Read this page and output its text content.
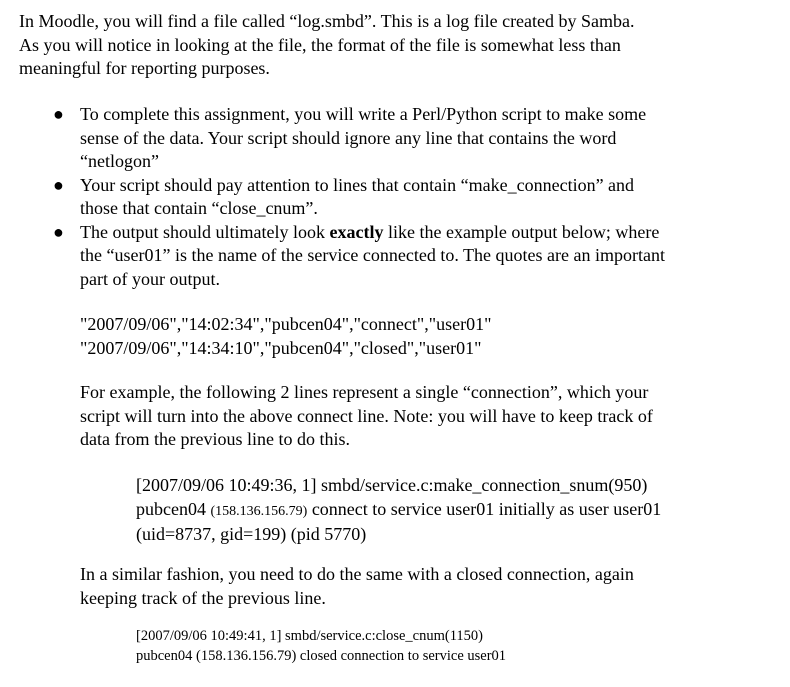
In Moodle, you will find a file called “log.smbd”. This is a log file created by Samba.
As you will notice in looking at the file, the format of the file is somewhat less than
meaningful for reporting purposes.

● To complete this assignment, you will write a Perl/Python script to make some
sense of the data. Your script should ignore any line that contains the word
“netlogon”
● Your script should pay attention to lines that contain “make_connection” and
those that contain “close_cnum”.
● The output should ultimately look exactly like the example output below; where
the “user01” is the name of the service connected to. The quotes are an important
part of your output.

"2007/09/06","14:02:34","pubcen04","connect","user01"
"2007/09/06","14:34:10","pubcen04","closed","user01"

For example, the following 2 lines represent a single “connection”, which your
script will turn into the above connect line. Note: you will have to keep track of
data from the previous line to do this.

[2007/09/06 10:49:36, 1] smbd/service.c:make_connection_snum(950)
pubcen04 (158.136.156.79) connect to service user01 initially as user user01
(uid=8737, gid=199) (pid 5770)

In a similar fashion, you need to do the same with a closed connection, again
keeping track of the previous line.

[2007/09/06 10:49:41, 1] smbd/service.c:close_cnum(1150)
pubcen04 (158.136.156.79) closed connection to service user01
